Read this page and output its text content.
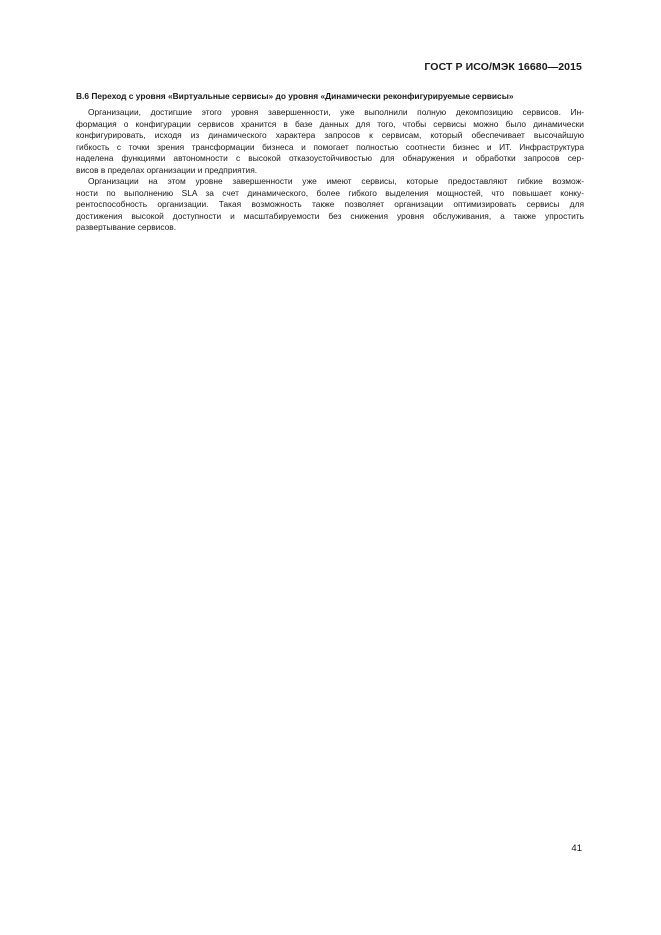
ГОСТ Р ИСО/МЭК 16680—2015
В.6 Переход с уровня «Виртуальные сервисы» до уровня «Динамически реконфигурируемые сервисы»

Организации, достигшие этого уровня завершенности, уже выполнили полную декомпозицию сервисов. Ин-
формация о конфигурации сервисов хранится в базе данных для того, чтобы сервисы можно было динамически
конфигурировать, исходя из динамического характера запросов к сервисам, который обеспечивает высочайшую
гибкость с точки зрения трансформации бизнеса и помогает полностью соотнести бизнес и ИТ. Инфраструктура
наделена функциями автономности с высокой отказоустойчивостью для обнаружения и обработки запросов сер-
висов в пределах организации и предприятия.

Организации на этом уровне завершенности уже имеют сервисы, которые предоставляют гибкие возмож-
ности по выполнению SLA за счет динамического, более гибкого выделения мощностей, что повышает конку-
рентоспособность организации. Такая возможность также позволяет организации оптимизировать сервисы для
достижения высокой доступности и масштабируемости без снижения уровня обслуживания, а также упростить
развертывание сервисов.

41
